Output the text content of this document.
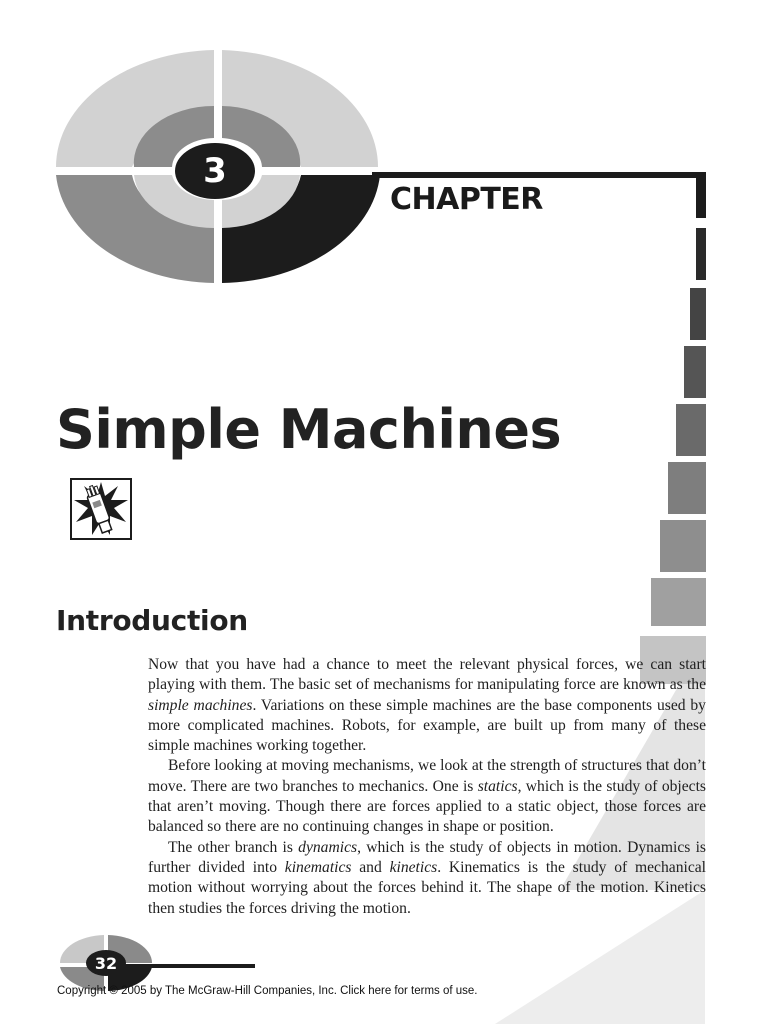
3
CHAPTER
Simple Machines
Introduction

Now that you have had a chance to meet the relevant physical forces, we can start playing with them. The basic set of mechanisms for manipulating force are known as the simple machines. Variations on these simple machines are the base components used by more complicated machines. Robots, for example, are built up from many of these simple machines working together.

Before looking at moving mechanisms, we look at the strength of structures that don’t move. There are two branches to mechanics. One is statics, which is the study of objects that aren’t moving. Though there are forces applied to a static object, those forces are balanced so there are no continuing changes in shape or position.

The other branch is dynamics, which is the study of objects in motion. Dynamics is further divided into kinematics and kinetics. Kinematics is the study of mechanical motion without worrying about the forces behind it. The shape of the motion. Kinetics then studies the forces driving the motion.

32
Copyright © 2005 by The McGraw-Hill Companies, Inc. Click here for terms of use.
